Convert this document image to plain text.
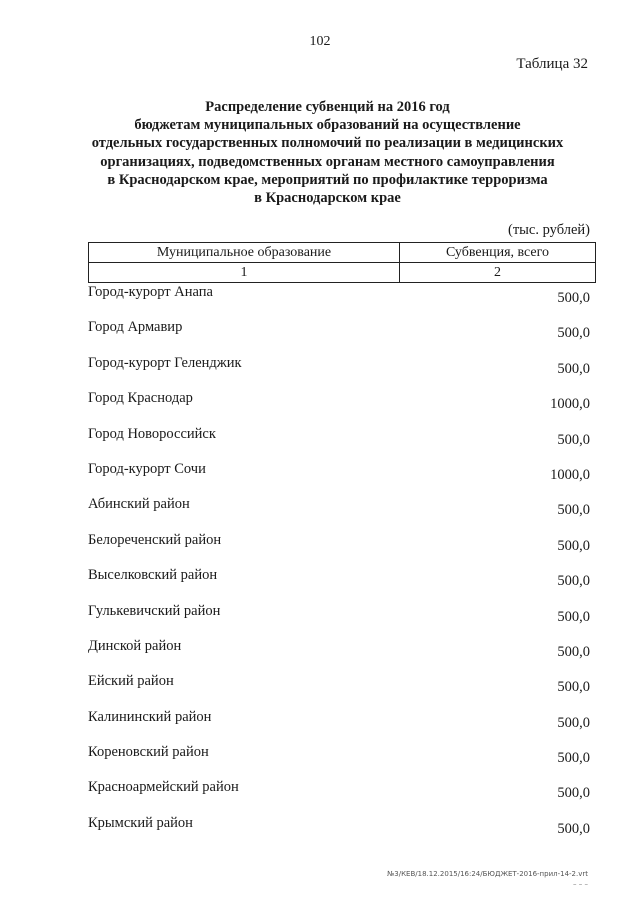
102
Таблица 32
Распределение субвенций на 2016 год
бюджетам муниципальных образований на осуществление
отдельных государственных полномочий по реализации в медицинских
организациях, подведомственных органам местного самоуправления
в Краснодарском крае, мероприятий по профилактике терроризма
в Краснодарском крае
(тыс. рублей)
Муниципальное образование	Субвенция, всего
1	2
Город-курорт Анапа	500,0
Город Армавир	500,0
Город-курорт Геленджик	500,0
Город Краснодар	1000,0
Город Новороссийск	500,0
Город-курорт Сочи	1000,0
Абинский район	500,0
Белореченский район	500,0
Выселковский район	500,0
Гулькевичский район	500,0
Динской район	500,0
Ейский район	500,0
Калининский район	500,0
Кореновский район	500,0
Красноармейский район	500,0
Крымский район	500,0
№3/КЕВ/18.12.2015/16:24/БЮДЖЕТ-2016-прил-14-2.vrt
– – –
